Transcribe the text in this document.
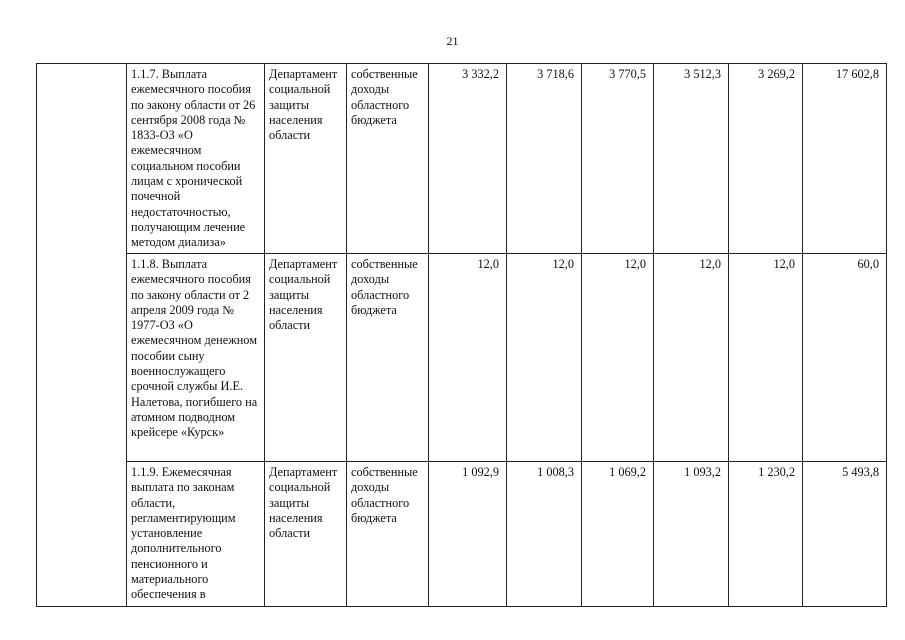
21
	1.1.7. Выплата ежемесячного пособия по закону области от 26 сентября 2008 года № 1833-ОЗ «О ежемесячном социальном пособии лицам с хронической почечной недостаточностью, получающим лечение методом диализа»	Департамент социальной защиты населения области	собственные доходы областного бюджета	3 332,2	3 718,6	3 770,5	3 512,3	3 269,2	17 602,8
	1.1.8. Выплата ежемесячного пособия по закону области от 2 апреля 2009 года № 1977-ОЗ «О ежемесячном денежном пособии сыну военнослужащего срочной службы И.Е. Налетова, погибшего на атомном подводном крейсере «Курск»	Департамент социальной защиты населения области	собственные доходы областного бюджета	12,0	12,0	12,0	12,0	12,0	60,0
	1.1.9. Ежемесячная выплата по законам области, регламентирующим установление дополнительного пенсионного и материального обеспечения в	Департамент социальной защиты населения области	собственные доходы областного бюджета	1 092,9	1 008,3	1 069,2	1 093,2	1 230,2	5 493,8
